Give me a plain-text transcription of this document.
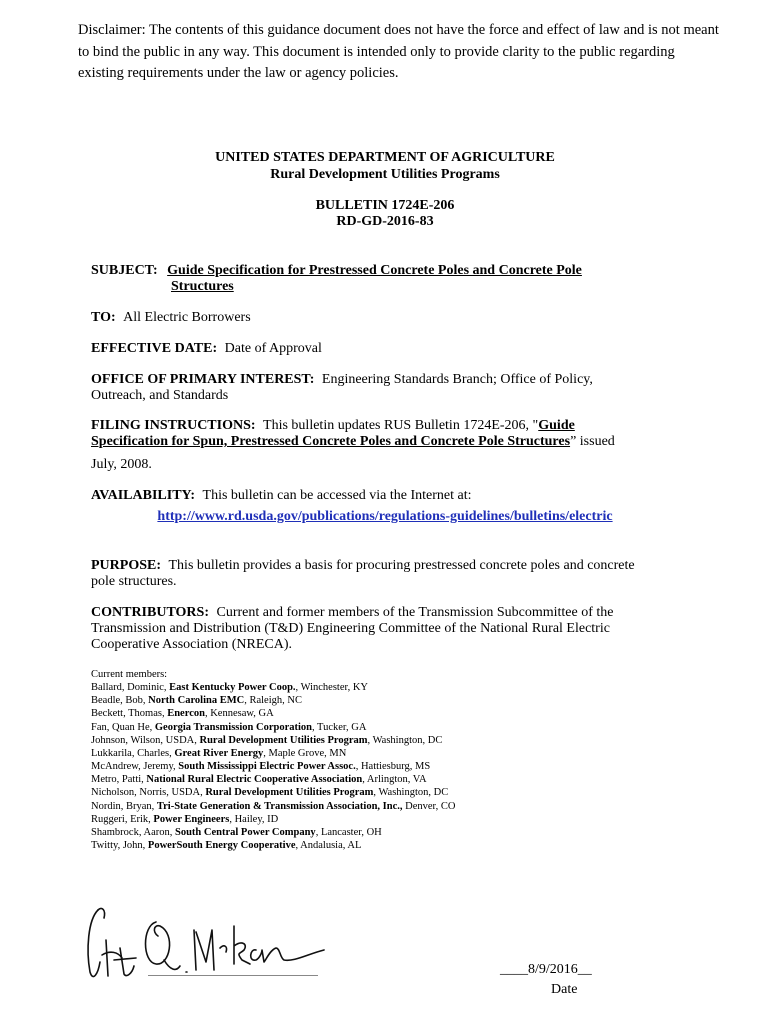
Disclaimer: The contents of this guidance document does not have the force and effect of law and is not meant
to bind the public in any way. This document is intended only to provide clarity to the public regarding
existing requirements under the law or agency policies.
UNITED STATES DEPARTMENT OF AGRICULTURE
Rural Development Utilities Programs
BULLETIN 1724E-206
RD-GD-2016-83
SUBJECT: Guide Specification for Prestressed Concrete Poles and Concrete Pole
Structures
TO: All Electric Borrowers
EFFECTIVE DATE: Date of Approval
OFFICE OF PRIMARY INTEREST: Engineering Standards Branch; Office of Policy,
Outreach, and Standards
FILING INSTRUCTIONS: This bulletin updates RUS Bulletin 1724E-206, "Guide
Specification for Spun, Prestressed Concrete Poles and Concrete Pole Structures” issued
July, 2008.
AVAILABILITY: This bulletin can be accessed via the Internet at:
http://www.rd.usda.gov/publications/regulations-guidelines/bulletins/electric
PURPOSE: This bulletin provides a basis for procuring prestressed concrete poles and concrete
pole structures.
CONTRIBUTORS: Current and former members of the Transmission Subcommittee of the
Transmission and Distribution (T&D) Engineering Committee of the National Rural Electric
Cooperative Association (NRECA).
Current members:
Ballard, Dominic, East Kentucky Power Coop., Winchester, KY
Beadle, Bob, North Carolina EMC, Raleigh, NC
Beckett, Thomas, Enercon, Kennesaw, GA
Fan, Quan He, Georgia Transmission Corporation, Tucker, GA
Johnson, Wilson, USDA, Rural Development Utilities Program, Washington, DC
Lukkarila, Charles, Great River Energy, Maple Grove, MN
McAndrew, Jeremy, South Mississippi Electric Power Assoc., Hattiesburg, MS
Metro, Patti, National Rural Electric Cooperative Association, Arlington, VA
Nicholson, Norris, USDA, Rural Development Utilities Program, Washington, DC
Nordin, Bryan, Tri-State Generation & Transmission Association, Inc., Denver, CO
Ruggeri, Erik, Power Engineers, Hailey, ID
Shambrock, Aaron, South Central Power Company, Lancaster, OH
Twitty, John, PowerSouth Energy Cooperative, Andalusia, AL
____8/9/2016__
Date
